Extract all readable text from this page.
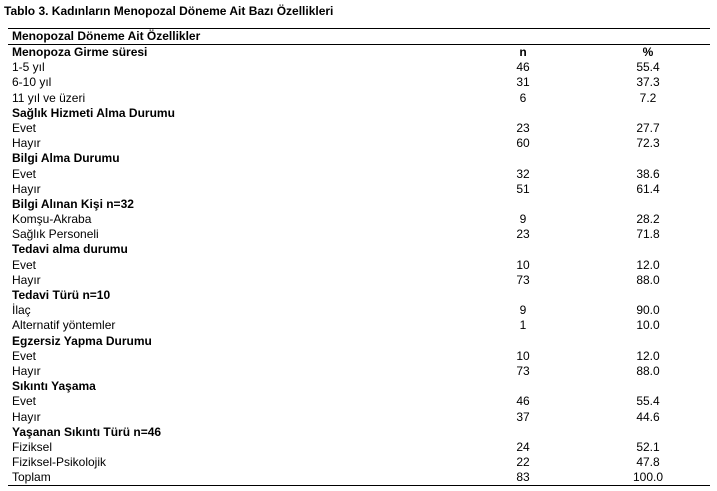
Tablo 3. Kadınların Menopozal Döneme Ait Bazı Özellikleri
Menopozal Döneme Ait Özellikler
Menopoza Girme süresi	n	%
1-5 yıl	46	55.4
6-10 yıl	31	37.3
11 yıl ve üzeri	6	7.2
Sağlık Hizmeti Alma Durumu
Evet	23	27.7
Hayır	60	72.3
Bilgi Alma Durumu
Evet	32	38.6
Hayır	51	61.4
Bilgi Alınan Kişi n=32
Komşu-Akraba	9	28.2
Sağlık Personeli	23	71.8
Tedavi alma durumu
Evet	10	12.0
Hayır	73	88.0
Tedavi Türü n=10
İlaç	9	90.0
Alternatif yöntemler	1	10.0
Egzersiz Yapma Durumu
Evet	10	12.0
Hayır	73	88.0
Sıkıntı Yaşama
Evet	46	55.4
Hayır	37	44.6
Yaşanan Sıkıntı Türü n=46
Fiziksel	24	52.1
Fiziksel-Psikolojik	22	47.8
Toplam	83	100.0
